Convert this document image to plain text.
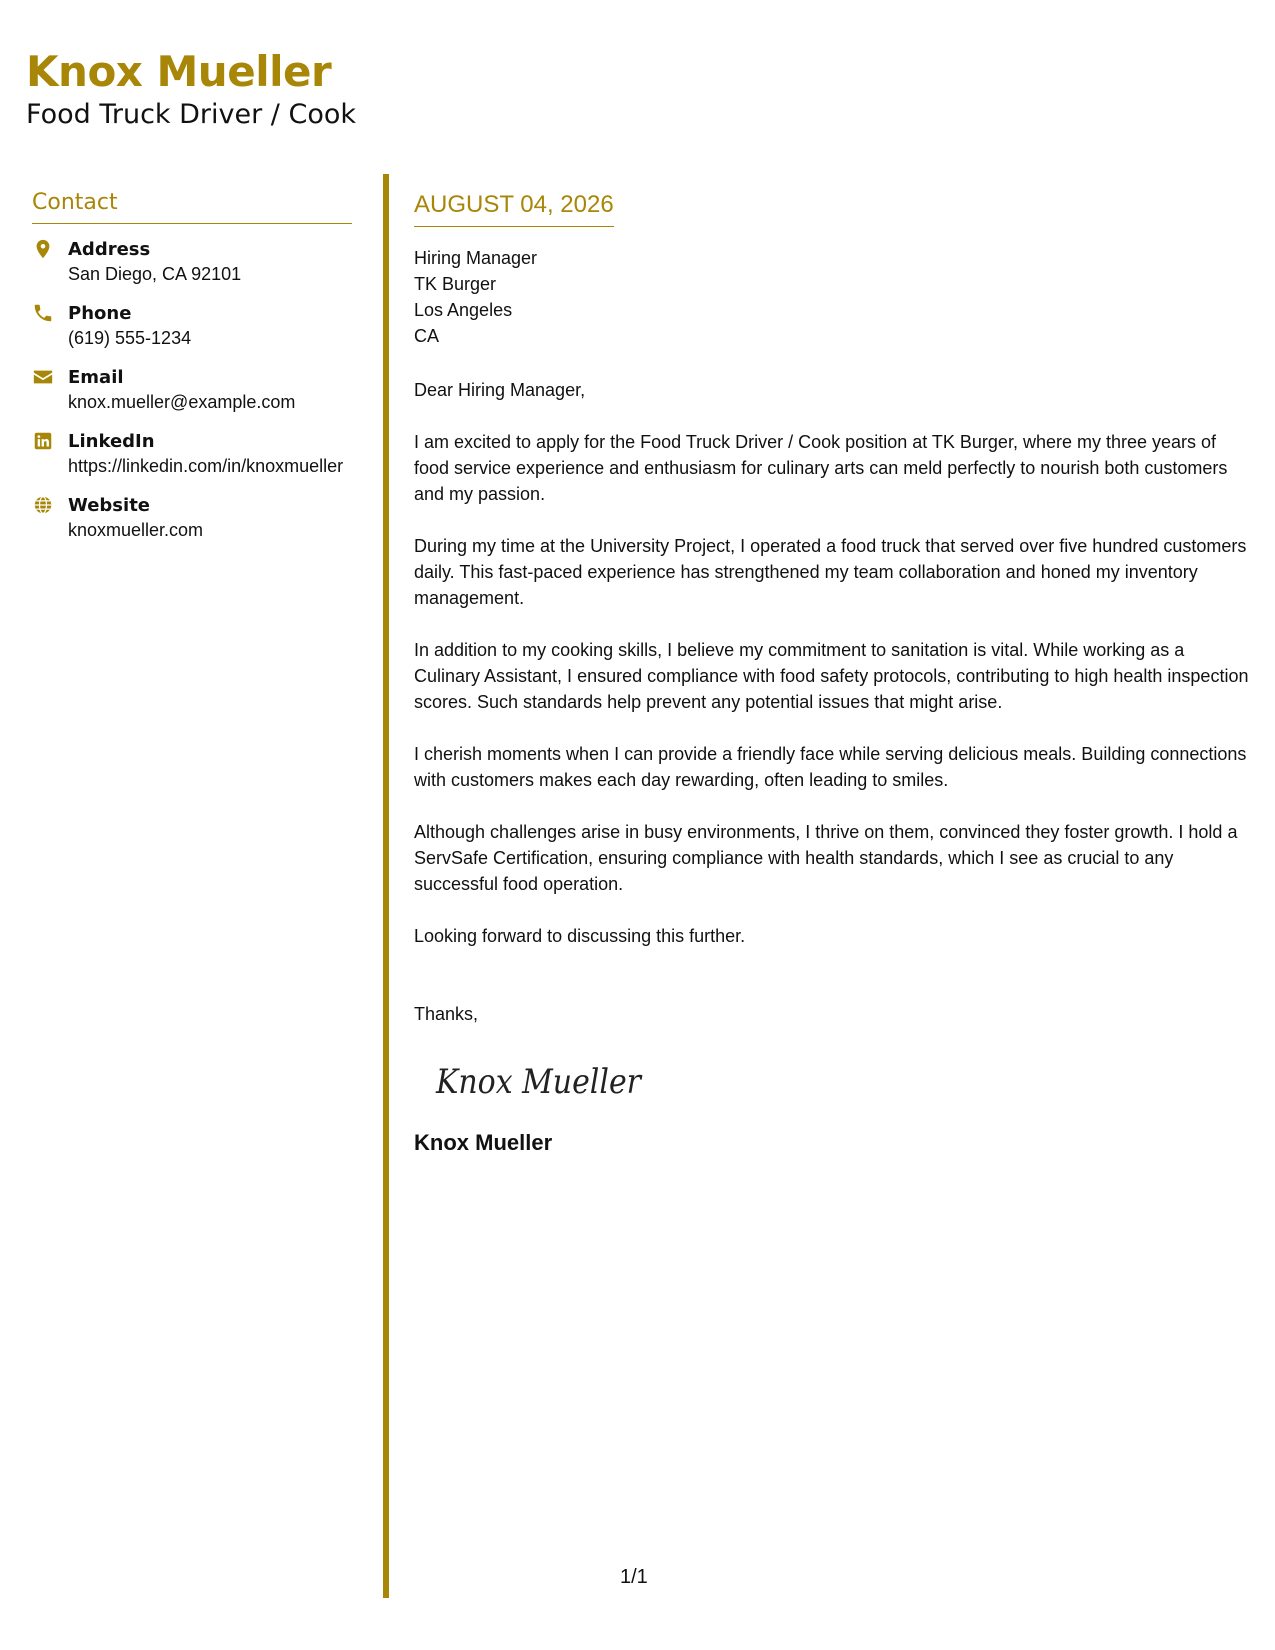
Knox Mueller
Food Truck Driver / Cook
Contact
Address
San Diego, CA 92101
Phone
(619) 555-1234
Email
knox.mueller@example.com
LinkedIn
https://linkedin.com/in/knoxmueller
Website
knoxmueller.com
AUGUST 04, 2026
Hiring Manager
TK Burger
Los Angeles
CA

Dear Hiring Manager,

I am excited to apply for the Food Truck Driver / Cook position at TK Burger, where my three years of food service experience and enthusiasm for culinary arts can meld perfectly to nourish both customers and my passion.

During my time at the University Project, I operated a food truck that served over five hundred customers daily. This fast-paced experience has strengthened my team collaboration and honed my inventory management.

In addition to my cooking skills, I believe my commitment to sanitation is vital. While working as a Culinary Assistant, I ensured compliance with food safety protocols, contributing to high health inspection scores. Such standards help prevent any potential issues that might arise.

I cherish moments when I can provide a friendly face while serving delicious meals. Building connections with customers makes each day rewarding, often leading to smiles.

Although challenges arise in busy environments, I thrive on them, convinced they foster growth. I hold a ServSafe Certification, ensuring compliance with health standards, which I see as crucial to any successful food operation.

Looking forward to discussing this further.

Thanks,
Knox Mueller
Knox Mueller
1/1
